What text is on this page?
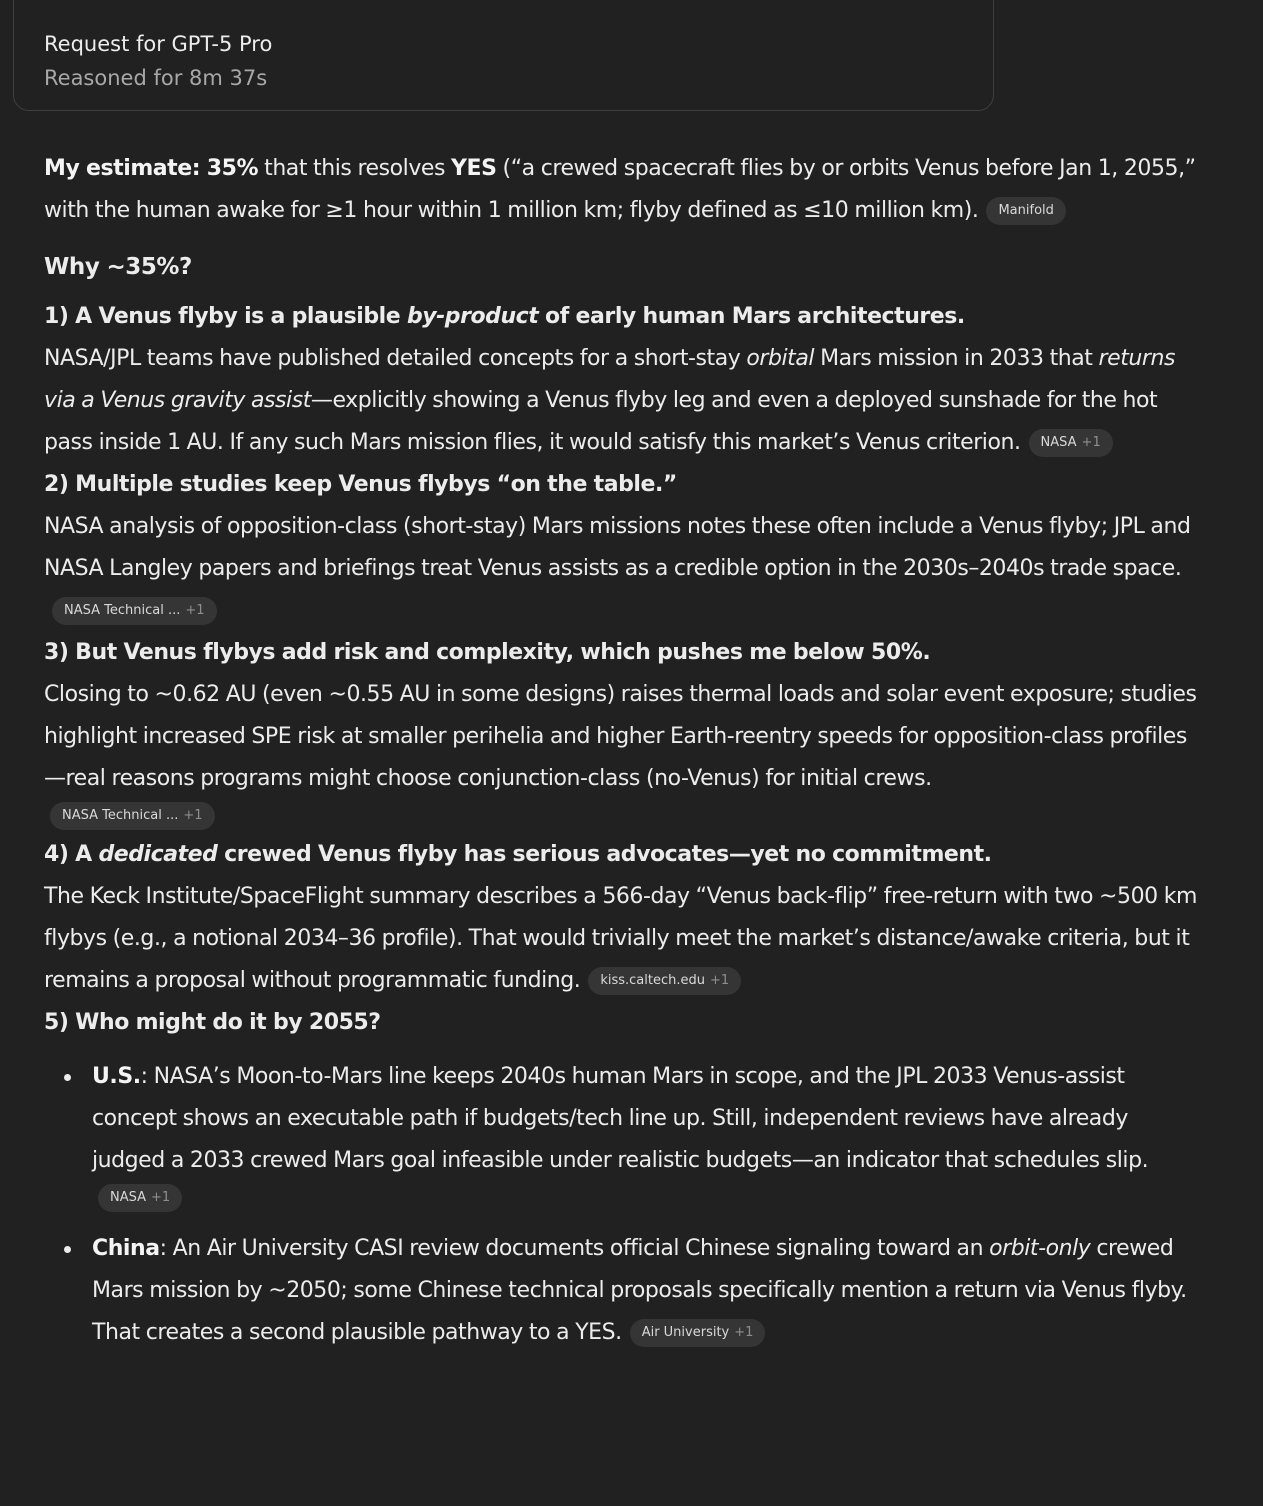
Request for GPT-5 Pro
Reasoned for 8m 37s

My estimate: 35% that this resolves YES (“a crewed spacecraft flies by or orbits Venus before Jan 1, 2055,” with the human awake for ≥1 hour within 1 million km; flyby defined as ≤10 million km). Manifold

Why ~35%?

1) A Venus flyby is a plausible by-product of early human Mars architectures.
NASA/JPL teams have published detailed concepts for a short-stay orbital Mars mission in 2033 that returns via a Venus gravity assist—explicitly showing a Venus flyby leg and even a deployed sunshade for the hot pass inside 1 AU. If any such Mars mission flies, it would satisfy this market’s Venus criterion. NASA +1

2) Multiple studies keep Venus flybys “on the table.”
NASA analysis of opposition-class (short-stay) Mars missions notes these often include a Venus flyby; JPL and NASA Langley papers and briefings treat Venus assists as a credible option in the 2030s–2040s trade space.NASA Technical ... +1

3) But Venus flybys add risk and complexity, which pushes me below 50%.
Closing to ~0.62 AU (even ~0.55 AU in some designs) raises thermal loads and solar event exposure; studies highlight increased SPE risk at smaller perihelia and higher Earth-reentry speeds for opposition-class profiles—real reasons programs might choose conjunction-class (no-Venus) for initial crews.
NASA Technical ... +1

4) A dedicated crewed Venus flyby has serious advocates—yet no commitment.
The Keck Institute/SpaceFlight summary describes a 566-day “Venus back-flip” free-return with two ~500 km flybys (e.g., a notional 2034–36 profile). That would trivially meet the market’s distance/awake criteria, but it remains a proposal without programmatic funding. kiss.caltech.edu +1

5) Who might do it by 2055?
U.S.: NASA’s Moon-to-Mars line keeps 2040s human Mars in scope, and the JPL 2033 Venus-assist concept shows an executable path if budgets/tech line up. Still, independent reviews have already judged a 2033 crewed Mars goal infeasible under realistic budgets—an indicator that schedules slip.
NASA +1
China: An Air University CASI review documents official Chinese signaling toward an orbit-only crewed Mars mission by ~2050; some Chinese technical proposals specifically mention a return via Venus flyby. That creates a second plausible pathway to a YES. Air University +1
